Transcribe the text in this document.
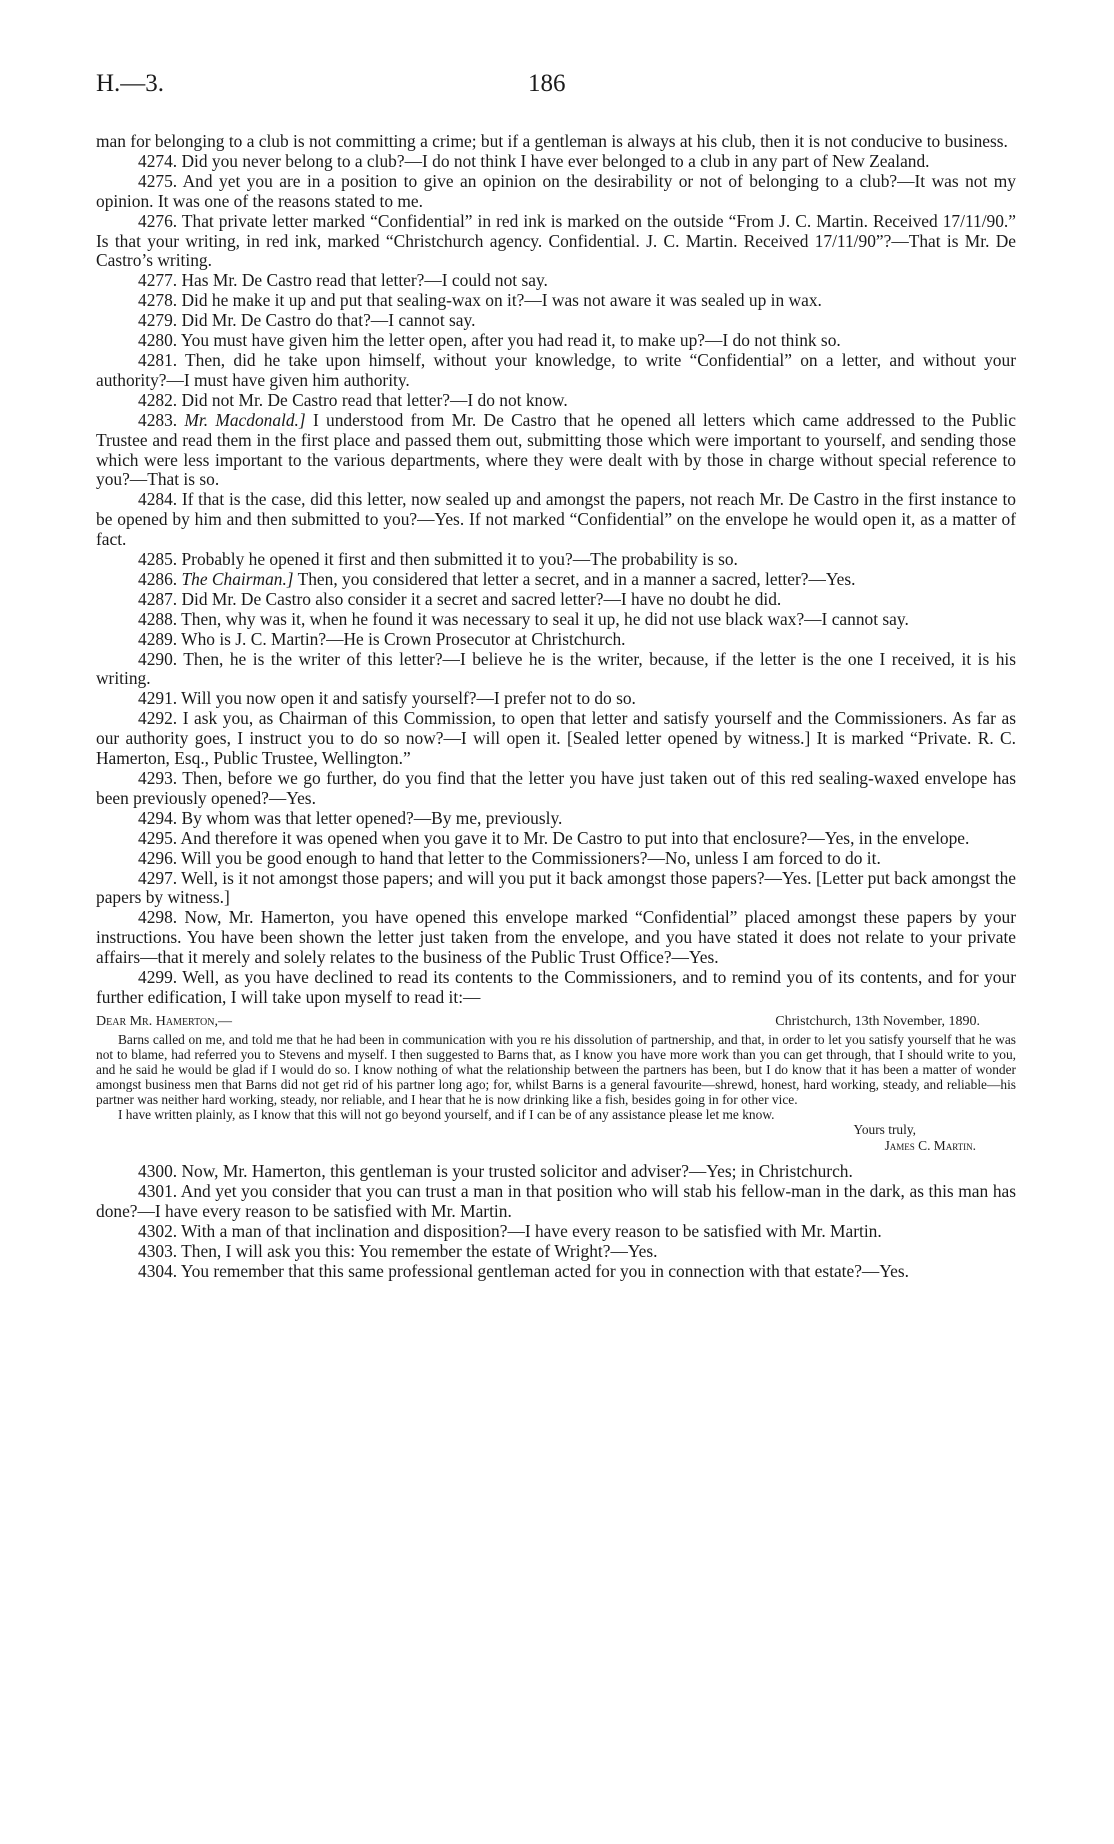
H.—3.	186

man for belonging to a club is not committing a crime; but if a gentleman is always at his club, then it is not conducive to business.

4274. Did you never belong to a club?—I do not think I have ever belonged to a club in any part of New Zealand.

4275. And yet you are in a position to give an opinion on the desirability or not of belonging to a club?—It was not my opinion. It was one of the reasons stated to me.

4276. That private letter marked “Confidential” in red ink is marked on the outside “From J. C. Martin. Received 17/11/90.” Is that your writing, in red ink, marked “Christchurch agency. Confidential. J. C. Martin. Received 17/11/90”?—That is Mr. De Castro’s writing.

4277. Has Mr. De Castro read that letter?—I could not say.

4278. Did he make it up and put that sealing-wax on it?—I was not aware it was sealed up in wax.

4279. Did Mr. De Castro do that?—I cannot say.

4280. You must have given him the letter open, after you had read it, to make up?—I do not think so.

4281. Then, did he take upon himself, without your knowledge, to write “Confidential” on a letter, and without your authority?—I must have given him authority.

4282. Did not Mr. De Castro read that letter?—I do not know.

4283. Mr. Macdonald.] I understood from Mr. De Castro that he opened all letters which came addressed to the Public Trustee and read them in the first place and passed them out, submitting those which were important to yourself, and sending those which were less important to the various departments, where they were dealt with by those in charge without special reference to you?—That is so.

4284. If that is the case, did this letter, now sealed up and amongst the papers, not reach Mr. De Castro in the first instance to be opened by him and then submitted to you?—Yes. If not marked “Confidential” on the envelope he would open it, as a matter of fact.

4285. Probably he opened it first and then submitted it to you?—The probability is so.

4286. The Chairman.] Then, you considered that letter a secret, and in a manner a sacred, letter?—Yes.

4287. Did Mr. De Castro also consider it a secret and sacred letter?—I have no doubt he did.

4288. Then, why was it, when he found it was necessary to seal it up, he did not use black wax?—I cannot say.

4289. Who is J. C. Martin?—He is Crown Prosecutor at Christchurch.

4290. Then, he is the writer of this letter?—I believe he is the writer, because, if the letter is the one I received, it is his writing.

4291. Will you now open it and satisfy yourself?—I prefer not to do so.

4292. I ask you, as Chairman of this Commission, to open that letter and satisfy yourself and the Commissioners. As far as our authority goes, I instruct you to do so now?—I will open it. [Sealed letter opened by witness.] It is marked “Private. R. C. Hamerton, Esq., Public Trustee, Wellington.”

4293. Then, before we go further, do you find that the letter you have just taken out of this red sealing-waxed envelope has been previously opened?—Yes.

4294. By whom was that letter opened?—By me, previously.

4295. And therefore it was opened when you gave it to Mr. De Castro to put into that enclosure?—Yes, in the envelope.

4296. Will you be good enough to hand that letter to the Commissioners?—No, unless I am forced to do it.

4297. Well, is it not amongst those papers; and will you put it back amongst those papers?—Yes. [Letter put back amongst the papers by witness.]

4298. Now, Mr. Hamerton, you have opened this envelope marked “Confidential” placed amongst these papers by your instructions. You have been shown the letter just taken from the envelope, and you have stated it does not relate to your private affairs—that it merely and solely relates to the business of the Public Trust Office?—Yes.

4299. Well, as you have declined to read its contents to the Commissioners, and to remind you of its contents, and for your further edification, I will take upon myself to read it:—

Dear Mr. Hamerton,—	Christchurch, 13th November, 1890.

Barns called on me, and told me that he had been in communication with you re his dissolution of partnership, and that, in order to let you satisfy yourself that he was not to blame, had referred you to Stevens and myself. I then suggested to Barns that, as I know you have more work than you can get through, that I should write to you, and he said he would be glad if I would do so. I know nothing of what the relationship between the partners has been, but I do know that it has been a matter of wonder amongst business men that Barns did not get rid of his partner long ago; for, whilst Barns is a general favourite—shrewd, honest, hard working, steady, and reliable—his partner was neither hard working, steady, nor reliable, and I hear that he is now drinking like a fish, besides going in for other vice.

I have written plainly, as I know that this will not go beyond yourself, and if I can be of any assistance please let me know.

Yours truly,

James C. Martin.

4300. Now, Mr. Hamerton, this gentleman is your trusted solicitor and adviser?—Yes; in Christchurch.

4301. And yet you consider that you can trust a man in that position who will stab his fellow-man in the dark, as this man has done?—I have every reason to be satisfied with Mr. Martin.

4302. With a man of that inclination and disposition?—I have every reason to be satisfied with Mr. Martin.

4303. Then, I will ask you this: You remember the estate of Wright?—Yes.

4304. You remember that this same professional gentleman acted for you in connection with that estate?—Yes.
